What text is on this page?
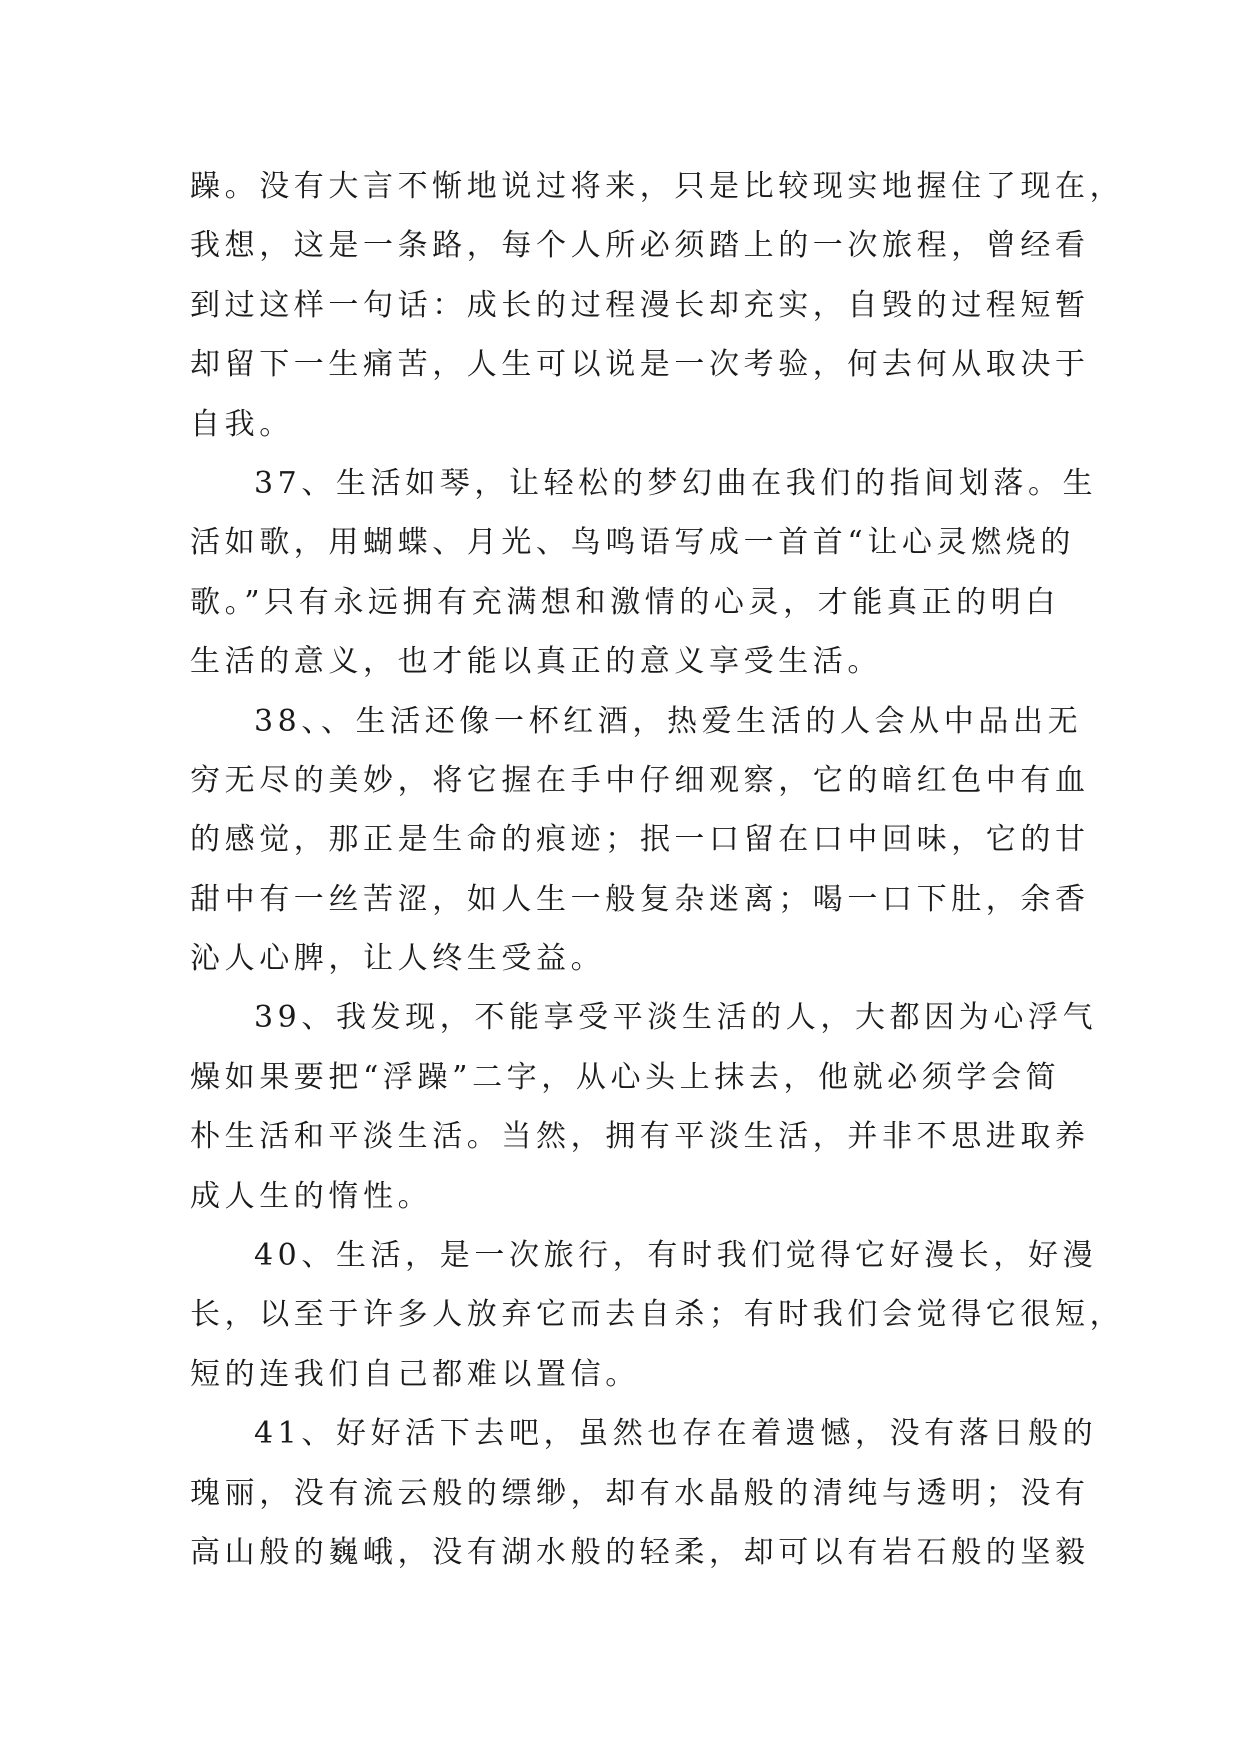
躁。没有大言不惭地说过将来，只是比较现实地握住了现在，
我想，这是一条路，每个人所必须踏上的一次旅程，曾经看
到过这样一句话：成长的过程漫长却充实，自毁的过程短暂
却留下一生痛苦，人生可以说是一次考验，何去何从取决于
自我。
37、生活如琴，让轻松的梦幻曲在我们的指间划落。生
活如歌，用蝴蝶、月光、鸟鸣语写成一首首“让心灵燃烧的
歌。”只有永远拥有充满想和激情的心灵，才能真正的明白
生活的意义，也才能以真正的意义享受生活。
38、、生活还像一杯红酒，热爱生活的人会从中品出无
穷无尽的美妙，将它握在手中仔细观察，它的暗红色中有血
的感觉，那正是生命的痕迹；抿一口留在口中回味，它的甘
甜中有一丝苦涩，如人生一般复杂迷离；喝一口下肚，余香
沁人心脾，让人终生受益。
39、我发现，不能享受平淡生活的人，大都因为心浮气
燥如果要把“浮躁”二字，从心头上抹去，他就必须学会简
朴生活和平淡生活。当然，拥有平淡生活，并非不思进取养
成人生的惰性。
40、生活，是一次旅行，有时我们觉得它好漫长，好漫
长，以至于许多人放弃它而去自杀；有时我们会觉得它很短，
短的连我们自己都难以置信。
41、好好活下去吧，虽然也存在着遗憾，没有落日般的
瑰丽，没有流云般的缥缈，却有水晶般的清纯与透明；没有
高山般的巍峨，没有湖水般的轻柔，却可以有岩石般的坚毅
